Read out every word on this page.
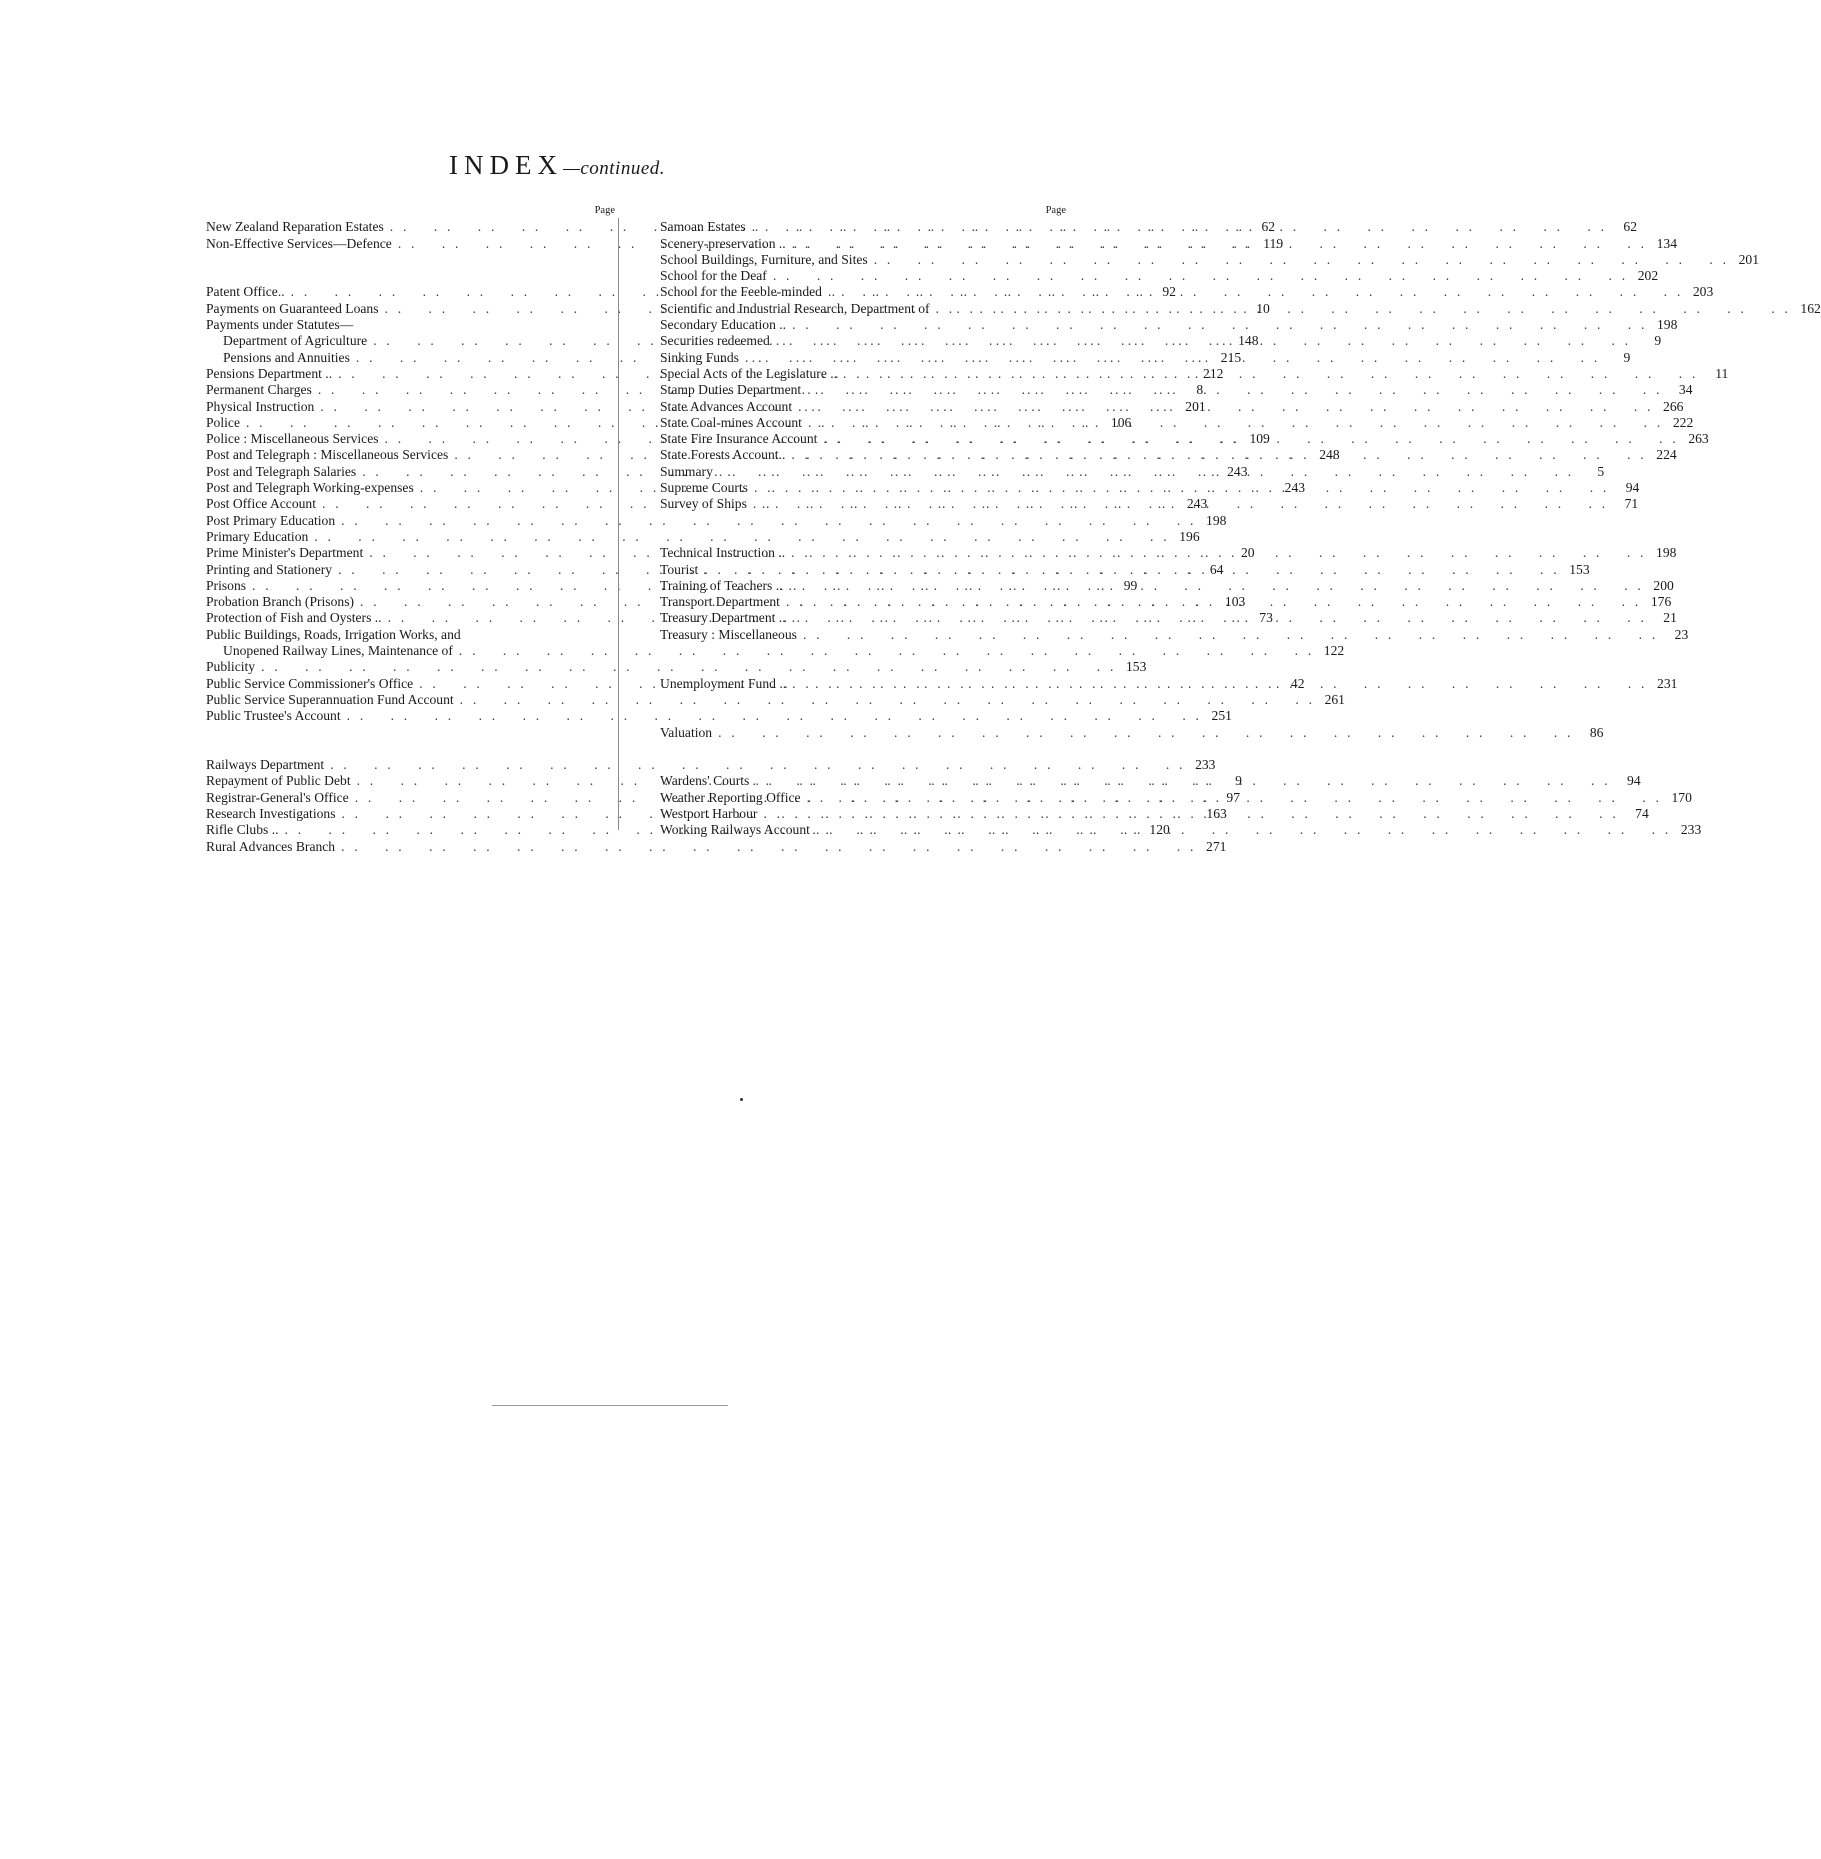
INDEX—continued.
Page
New Zealand Reparation Estates . .	62
Non-Effective Services—Defence . .	119
Patent Office.. . .	92
Payments on Guaranteed Loans . .	10
Payments under Statutes—
Department of Agriculture . .	148
Pensions and Annuities . .	215
Pensions Department .. . .	212
Permanent Charges . .	8
Physical Instruction . .	201
Police . .	106
Police : Miscellaneous Services . .	109
Post and Telegraph : Miscellaneous Services . .	248
Post and Telegraph Salaries . .	243
Post and Telegraph Working-expenses . .	243
Post Office Account . .	243
Post Primary Education . .	198
Primary Education . .	196
Prime Minister's Department . .	20
Printing and Stationery . .	64
Prisons . .	99
Probation Branch (Prisons) . .	103
Protection of Fish and Oysters .. . .	73
Public Buildings, Roads, Irrigation Works, and
Unopened Railway Lines, Maintenance of . .	122
Publicity . .	153
Public Service Commissioner's Office . .	42
Public Service Superannuation Fund Account . .	261
Public Trustee's Account . .	251
Railways Department . .	233
Repayment of Public Debt . .	9
Registrar-General's Office . .	97
Research Investigations . .	163
Rifle Clubs .. . .	120
Rural Advances Branch . .	271
Page
Samoan Estates . .	62
Scenery-preservation .. . .	134
School Buildings, Furniture, and Sites . .	201
School for the Deaf . .	202
School for the Feeble-minded . .	203
Scientific and Industrial Research, Department of . .	162
Secondary Education .. . .	198
Securities redeemed . .	9
Sinking Funds . .	9
Special Acts of the Legislature .. . .	11
Stamp Duties Department . .	34
State Advances Account . .	266
State Coal-mines Account . .	222
State Fire Insurance Account . .	263
State Forests Account.. . .	224
Summary . .	5
Supreme Courts . .	94
Survey of Ships . .	71
Technical Instruction .. . .	198
Tourist . .	153
Training of Teachers .. . .	200
Transport Department . .	176
Treasury Department .. . .	21
Treasury : Miscellaneous . .	23
Unemployment Fund .. . .	231
Valuation . .	86
Wardens' Courts . .	94
Weather Reporting Office . .	170
Westport Harbour . .	74
Working Railways Account . .	233
